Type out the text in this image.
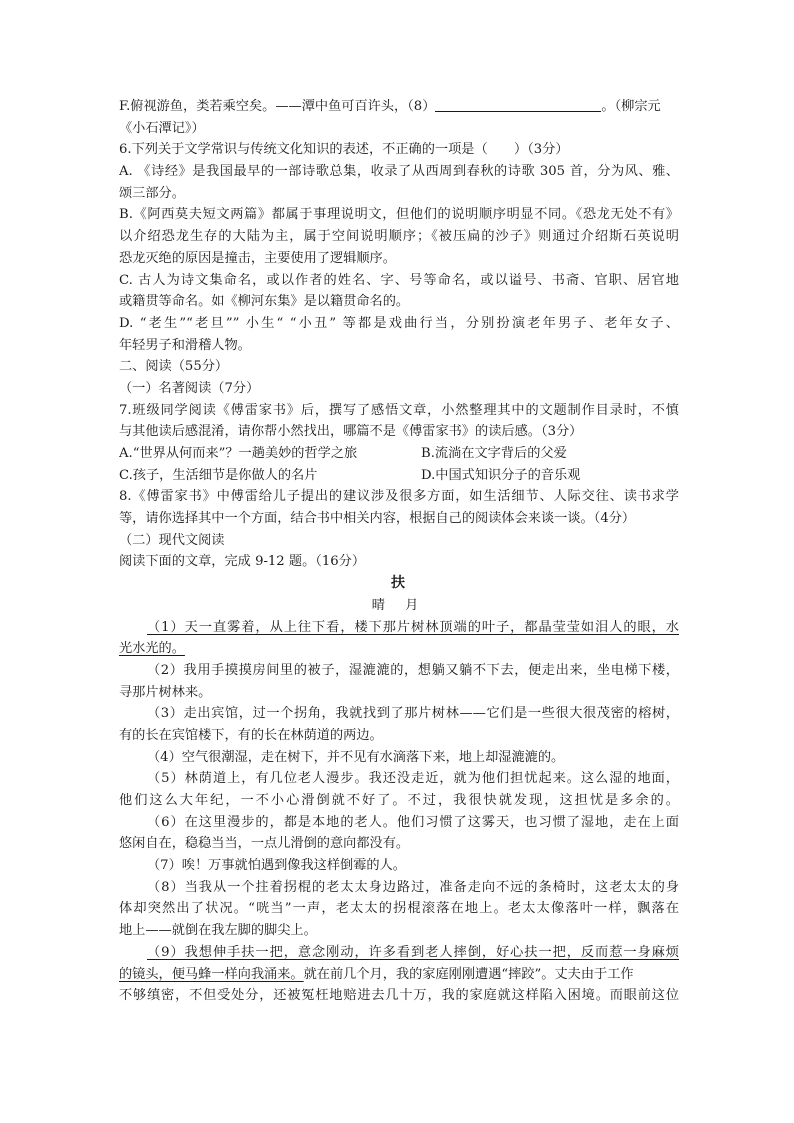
F.俯视游鱼，类若乘空矣。——潭中鱼可百许头，（8）	。（柳宗元
《小石潭记》）
6.下列关于文学常识与传统文化知识的表述，不正确的一项是（　　）（3分）
A. 《诗经》是我国最早的一部诗歌总集，收录了从西周到春秋的诗歌 305 首，分为风、雅、
颂三部分。
B.《阿西莫夫短文两篇》都属于事理说明文，但他们的说明顺序明显不同。《恐龙无处不有》
以介绍恐龙生存的大陆为主，属于空间说明顺序；《被压扁的沙子》则通过介绍斯石英说明
恐龙灭绝的原因是撞击，主要使用了逻辑顺序。
C. 古人为诗文集命名，或以作者的姓名、字、号等命名，或以谥号、书斋、官职、居官地
或籍贯等命名。如《柳河东集》是以籍贯命名的。
D. “老生”“老旦”” 小生“ “小丑” 等都是戏曲行当，分别扮演老年男子、老年女子、
年轻男子和滑稽人物。
二、阅读（55分）
（一）名著阅读（7分）
7.班级同学阅读《傅雷家书》后，撰写了感悟文章，小然整理其中的文题制作目录时，不慎
与其他读后感混淆，请你帮小然找出，哪篇不是《傅雷家书》的读后感。（3分）
A.“世界从何而来”？一趟美妙的哲学之旅	B.流淌在文字背后的父爱
C.孩子，生活细节是你做人的名片	D.中国式知识分子的音乐观
8.《傅雷家书》中傅雷给儿子提出的建议涉及很多方面，如生活细节、人际交往、读书求学
等，请你选择其中一个方面，结合书中相关内容，根据自己的阅读体会来谈一谈。（4分）
（二）现代文阅读
阅读下面的文章，完成 9-12 题。（16分）
扶
晴 月
（1）天一直雾着，从上往下看，楼下那片树林顶端的叶子，都晶莹莹如泪人的眼，水
光水光的。
（2）我用手摸摸房间里的被子，湿漉漉的，想躺又躺不下去，便走出来，坐电梯下楼，
寻那片树林来。
（3）走出宾馆，过一个拐角，我就找到了那片树林——它们是一些很大很茂密的榕树，
有的长在宾馆楼下，有的长在林荫道的两边。
（4）空气很潮湿，走在树下，并不见有水滴落下来，地上却湿漉漉的。
（5）林荫道上，有几位老人漫步。我还没走近，就为他们担忧起来。这么湿的地面，
他们这么大年纪，一不小心滑倒就不好了。不过，我很快就发现，这担忧是多余的。
（6）在这里漫步的，都是本地的老人。他们习惯了这雾天，也习惯了湿地，走在上面
悠闲自在，稳稳当当，一点儿滑倒的意向都没有。
（7）唉！万事就怕遇到像我这样倒霉的人。
（8）当我从一个拄着拐棍的老太太身边路过，准备走向不远的条椅时，这老太太的身
体却突然出了状况。“咣当”一声，老太太的拐棍滚落在地上。老太太像落叶一样，飘落在
地上——就倒在我左脚的脚尖上。
（9）我想伸手扶一把，意念刚动，许多看到老人摔倒，好心扶一把，反而惹一身麻烦
的镜头，便马蜂一样向我涌来。就在前几个月，我的家庭刚刚遭遇“摔跤”。丈夫由于工作
不够缜密，不但受处分，还被冤枉地赔进去几十万，我的家庭就这样陷入困境。而眼前这位
